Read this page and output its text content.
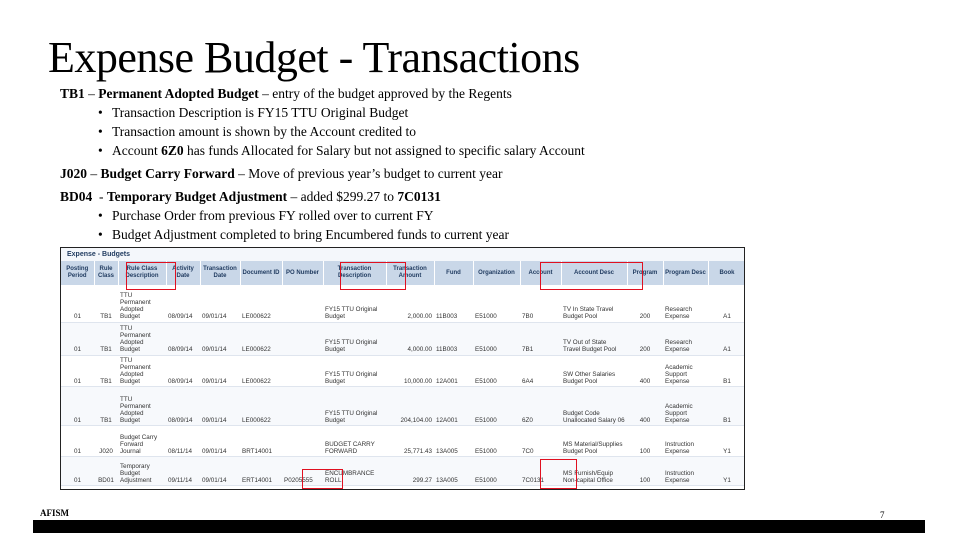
Expense Budget - Transactions
TB1 – Permanent Adopted Budget – entry of the budget approved by the Regents
• Transaction Description is FY15 TTU Original Budget
• Transaction amount is shown by the Account credited to
• Account 6Z0 has funds Allocated for Salary but not assigned to specific salary Account
J020 – Budget Carry Forward – Move of previous year’s budget to current year
BD04  - Temporary Budget Adjustment – added $299.27 to 7C0131
• Purchase Order from previous FY rolled over to current FY
• Budget Adjustment completed to bring Encumbered funds to current year
Expense - Budgets
Posting Period	Rule Class	Rule Class Description	Activity Date	Transaction Date	Document ID	PO Number	Transaction Description	Transaction Amount	Fund	Organization	Account	Account Desc	Program	Program Desc	Book
01	TB1	TTU Permanent Adopted Budget	08/09/14	09/01/14	LE000622		FY15 TTU Original Budget	2,000.00	11B003	E51000	7B0	TV In State Travel Budget Pool	200	Research Expense	A1
01	TB1	TTU Permanent Adopted Budget	08/09/14	09/01/14	LE000622		FY15 TTU Original Budget	4,000.00	11B003	E51000	7B1	TV Out of State Travel Budget Pool	200	Research Expense	A1
01	TB1	TTU Permanent Adopted Budget	08/09/14	09/01/14	LE000622		FY15 TTU Original Budget	10,000.00	12A001	E51000	6A4	SW Other Salaries Budget Pool	400	Academic Support Expense	B1
01	TB1	TTU Permanent Adopted Budget	08/09/14	09/01/14	LE000622		FY15 TTU Original Budget	204,104.00	12A001	E51000	6Z0	Budget Code Unallocated Salary 06	400	Academic Support Expense	B1
01	J020	Budget Carry Forward Journal	08/11/14	09/01/14	BRT14001		BUDGET CARRY FORWARD	25,771.43	13A005	E51000	7C0	MS Material/Supplies Budget Pool	100	Instruction Expense	Y1
01	BD01	Temporary Budget Adjustment	09/11/14	09/01/14	ERT14001	P0205555	ENCUMBRANCE ROLL	299.27	13A005	E51000	7C0131	MS Furnish/Equip Non-capital Office	100	Instruction Expense	Y1
AFISM	7
